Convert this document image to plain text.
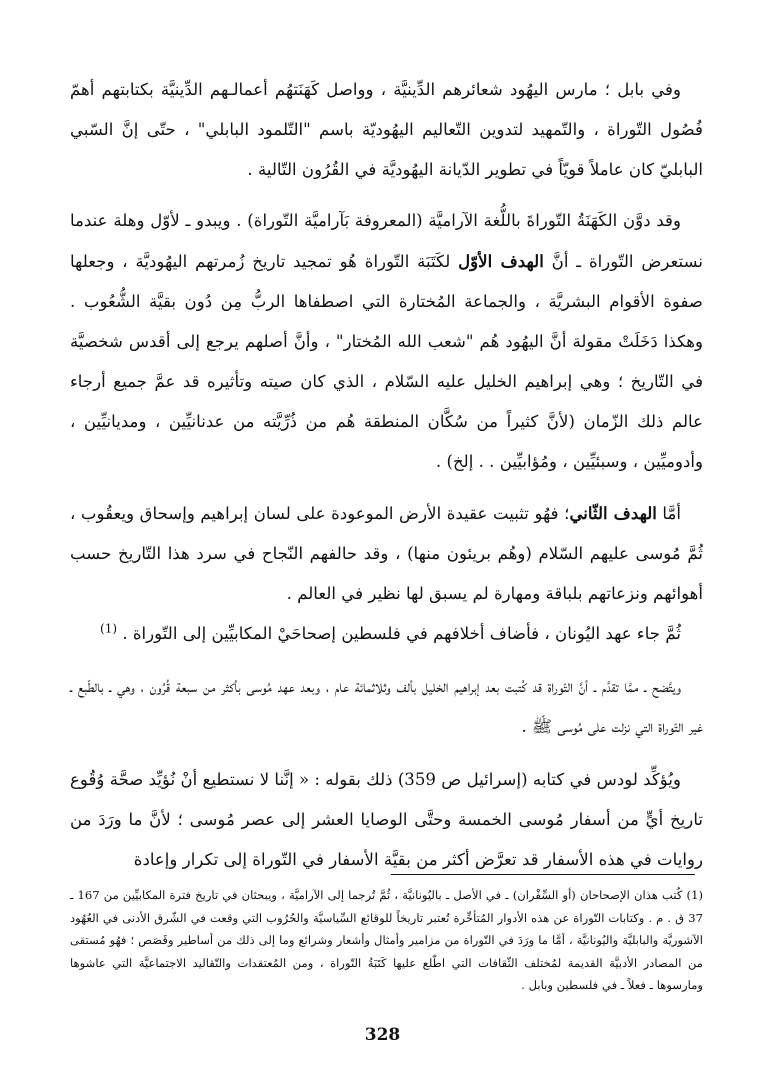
وفي بابل ؛ مارس اليهُود شعائرهم الدِّينيَّة ، وواصل كَهَنَتهُم أعمالـهم الدِّينيَّة بكتابتهم أهمّ فُصُول التّوراة ، والتّمهيد لتدوين التّعاليم اليهُوديّة باسم "التّلمود البابلي" ، حتّى إنَّ السّبي البابليّ كان عاملاً قويّاً في تطوير الدّيانة اليهُوديَّة في القُرُون التّالية .

وقد دوَّن الكَهَنَةُ التّوراةَ باللُّغة الآراميَّة (المعروفة بَآراميَّة التّوراة) . ويبدو ـ لأوّل وهلة عندما نستعرض التّوراة ـ أنَّ الهدف الأوّل لكَتَبَة التّوراة هُو تمجيد تاريخ زُمرتهم اليهُوديَّة ، وجعلها صفوة الأقوام البشريَّة ، والجماعة المُختارة التي اصطفاها الربُّ مِن دُون بقيَّة الشُّعُوب . وهكذا دَخَلَتْ مقولة أنَّ اليهُود هُم "شعب الله المُختار" ، وأنَّ أصلهم يرجع إلى أقدس شخصيَّة في التّاريخ ؛ وهي إبراهيم الخليل عليه السّلام ، الذي كان صيته وتأثيره قد عمَّ جميع أرجاء عالم ذلك الزّمان (لأنَّ كثيراً من سُكَّان المنطقة هُم من ذُرِّيَّته من عدنانيِّين ، ومديانيِّين ، وأدوميِّين ، وسبئيِّين ، ومُؤابيِّين . . إلخ) .

أمَّا الهدف الثّاني؛ فهُو تثبيت عقيدة الأرض الموعودة على لسان إبراهيم وإسحاق ويعقُوب ، ثُمَّ مُوسى عليهم السّلام (وهُم بريئون منها) ، وقد حالفهم النّجاح في سرد هذا التّاريخ حسب أهوائهم ونزعاتهم بلباقة ومهارة لم يسبق لها نظير في العالم .

ثُمَّ جاء عهد اليُونان ، فأضاف أخلافهم في فلسطين إصحاحَيْ المكابيِّين إلى التّوراة . $^{(1)}$

ويتَّضح ـ ممَّا تقدَّم ـ أنَّ التّوراة قد كُتبت بعد إبراهيم الخليل بألف وثلاثمائة عام ، وبعد عهد مُوسى بأكثر من سبعة قُرُون ، وهي ـ بالطّبع ـ غير التّوراة التي نزلت على مُوسى ﷺ .

ويُؤكِّد لودس في كتابه (إسرائيل ص 359) ذلك بقوله : « إنَّنا لا نستطيع أنْ نُؤيِّد صحَّة وُقُوع تاريخ أيٍّ من أسفار مُوسى الخمسة وحتَّى الوصايا العشر إلى عصر مُوسى ؛ لأنَّ ما ورَدَ من روايات في هذه الأسفار قد تعرَّض أكثر من بقيَّة الأسفار في التّوراة إلى تكرار وإعادة

(1) كُتب هذان الإصحاحان (أو السِّفْران) ـ في الأصل ـ باليُونانيَّة ، ثُمَّ تُرجما إلى الآراميَّة ، ويبحثان في تاريخ فترة المكابيِّين من 167 ـ 37 ق . م . وكتابات التّوراة عن هذه الأدوار المُتأخِّرة تُعتبر تاريخاً للوقائع السِّياسيَّة والحُرُوب التي وقعت في الشّرق الأدنى في العُهُود الآشوريَّة والبابليَّة واليُونانيَّة ، أمَّا ما ورَدَ في التّوراة من مزامير وأمثال وأشعار وشرائع وما إلى ذلك من أساطير وقَصَص ؛ فهُو مُستقى من المصادر الأدبيَّة القديمة لمُختلف الثّقافات التي اطّلع عليها كَتَبَةُ التّوراة ، ومن المُعتقدات والتّقاليد الاجتماعيَّة التي عاشوها ومارسوها ـ فعلاً ـ في فلسطين وبابل .
328
